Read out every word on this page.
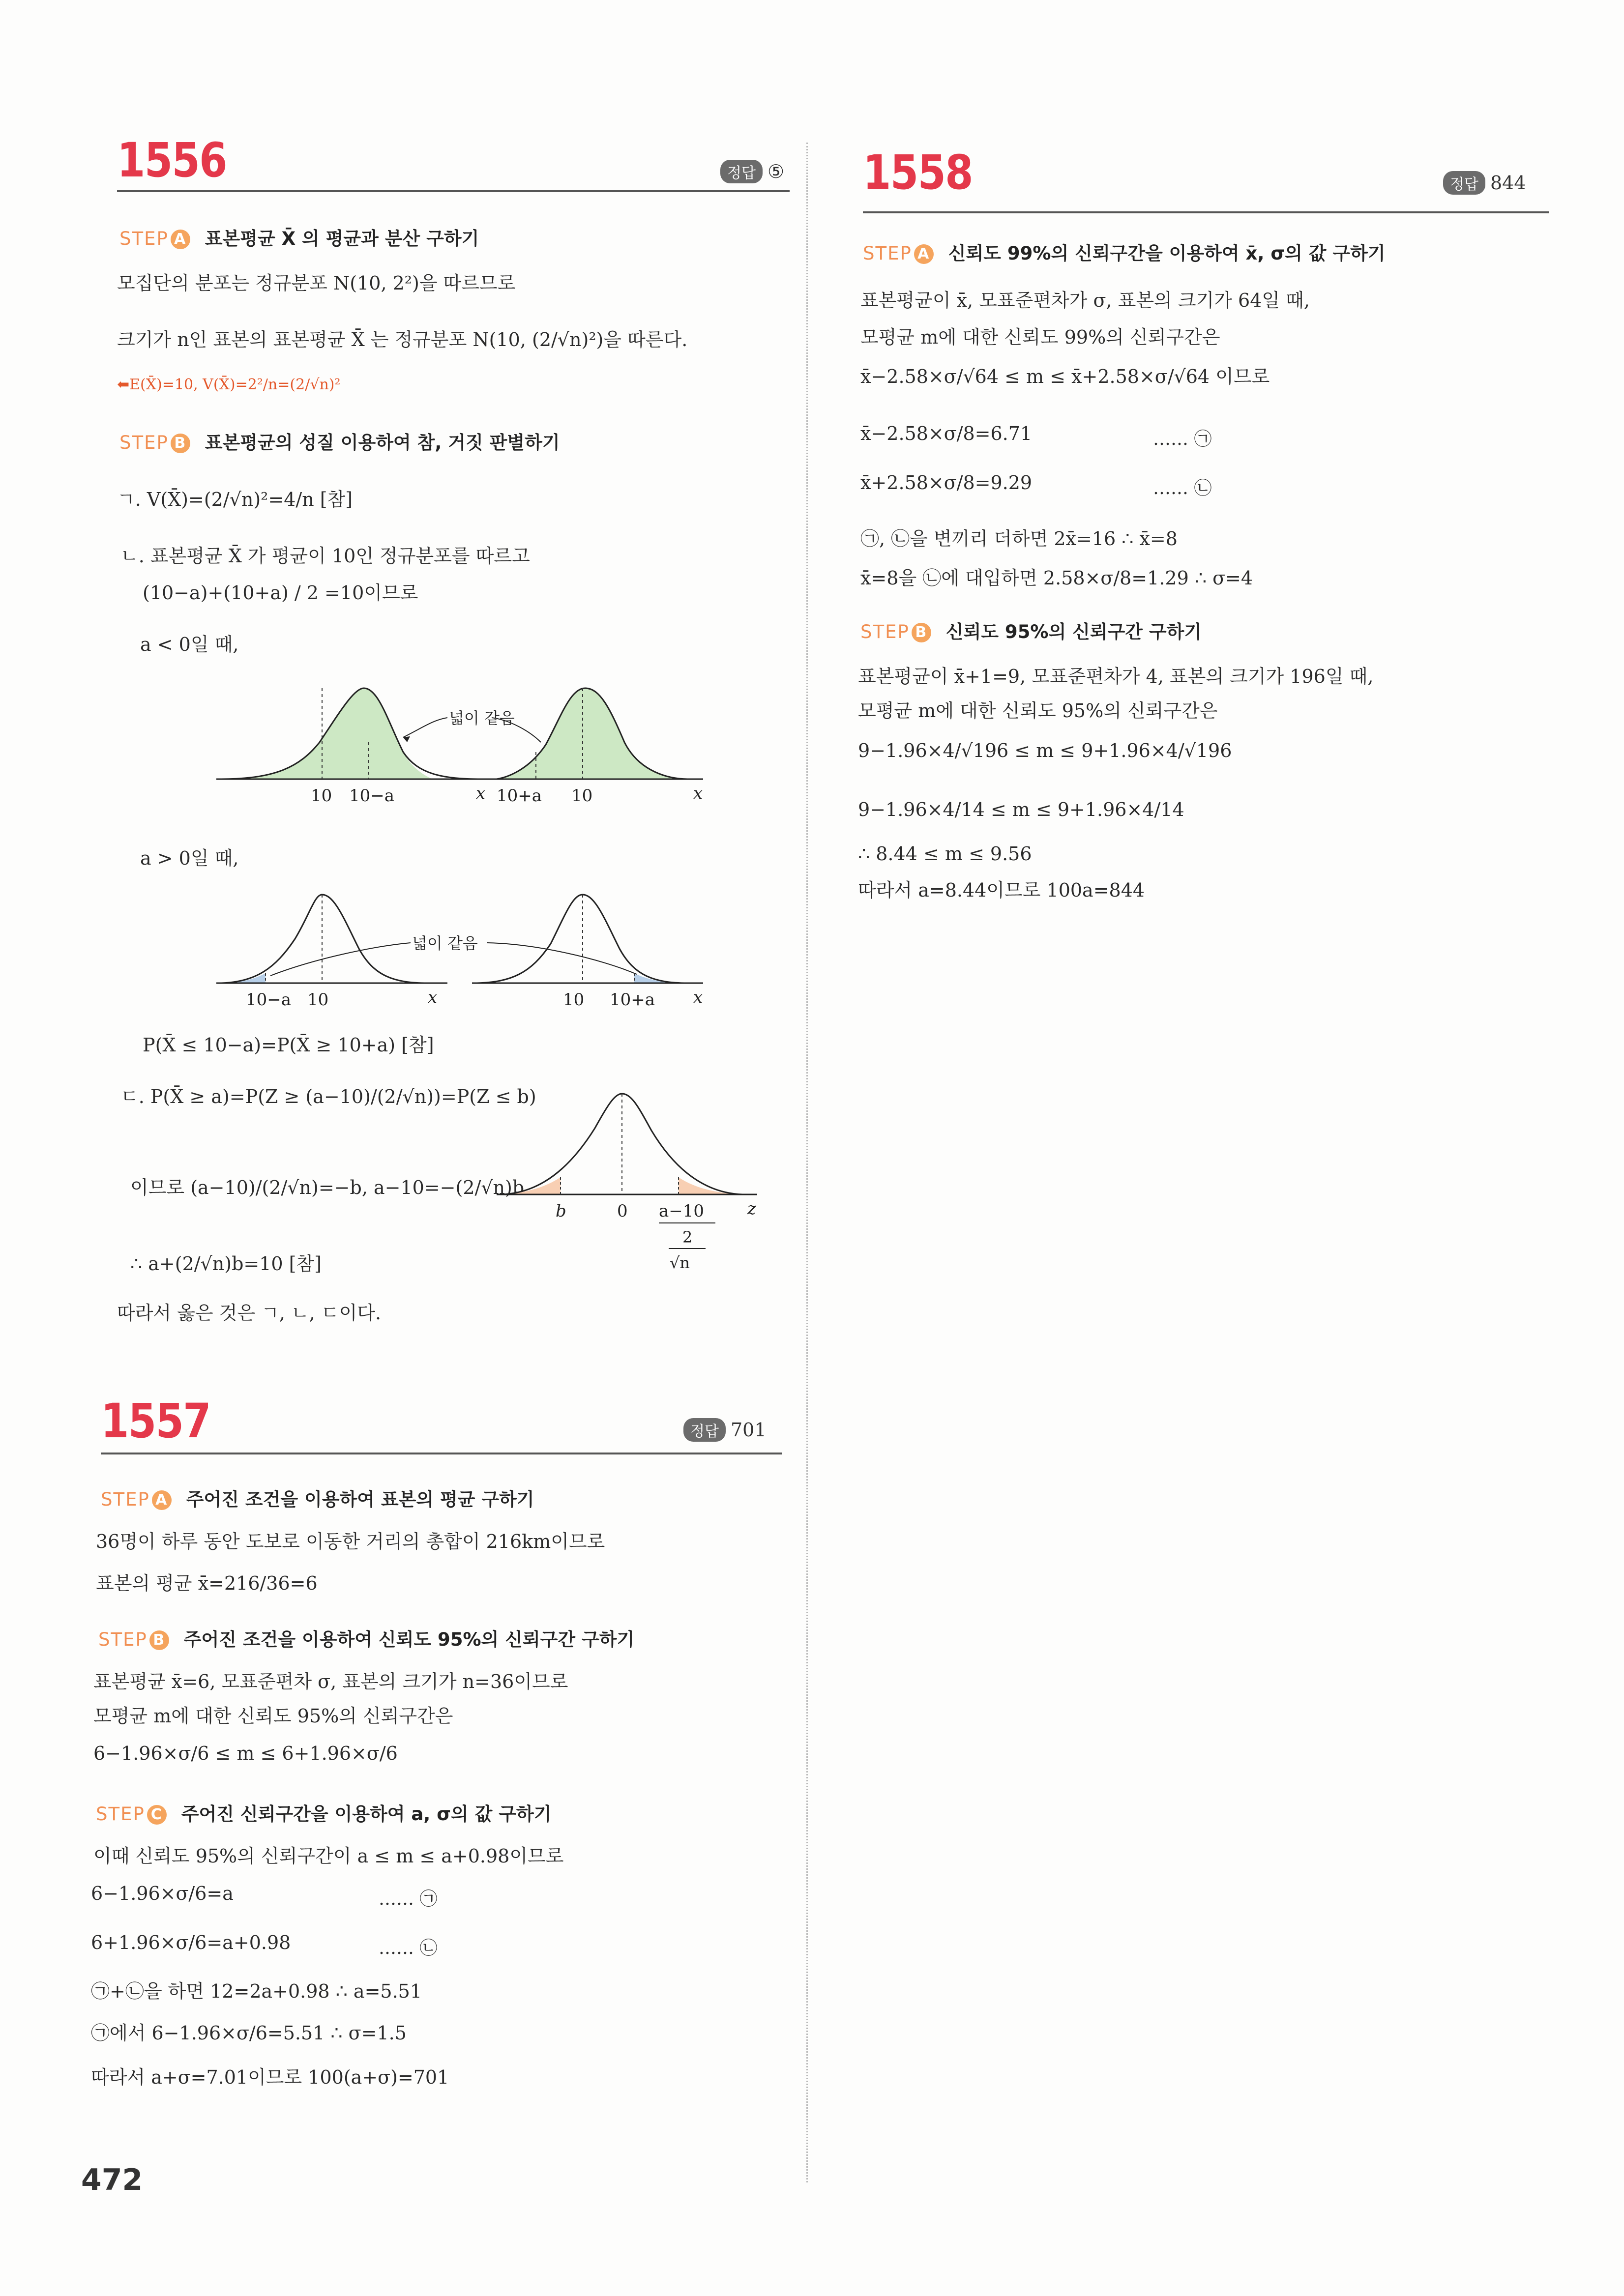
1556	정답 ⑤
STEP A 표본평균 X̄ 의 평균과 분산 구하기
모집단의 분포는 정규분포 N(10, 2²)을 따르므로
크기가 n인 표본의 표본평균 X̄ 는 정규분포 N(10, (2/√n)²)을 따른다.
⬅E(X̄)=10, V(X̄)=2²/n=(2/√n)²
STEP B 표본평균의 성질 이용하여 참, 거짓 판별하기
ㄱ. V(X̄)=(2/√n)²=4/n [참]
ㄴ. 표본평균 X̄ 가 평균이 10인 정규분포를 따르고
(10−a)+(10+a) / 2 =10이므로
a < 0일 때,
넓이 같음
10 10−a	x 10+a 10	x
a > 0일 때,
넓이 같음
10−a 10	x	10 10+a x
P(X̄ ≤ 10−a)=P(X̄ ≥ 10+a) [참]
ㄷ. P(X̄ ≥ a)=P(Z ≥ (a−10)/(2/√n))=P(Z ≤ b)
이므로 (a−10)/(2/√n)=−b, a−10=−(2/√n)b
∴ a+(2/√n)b=10 [참]
따라서 옳은 것은 ㄱ, ㄴ, ㄷ이다.
b	0 a−10
2
√n
z
1557	정답 701
STEP A 주어진 조건을 이용하여 표본의 평균 구하기
36명이 하루 동안 도보로 이동한 거리의 총합이 216km이므로
표본의 평균 x̄=216/36=6
STEP B 주어진 조건을 이용하여 신뢰도 95%의 신뢰구간 구하기
표본평균 x̄=6, 모표준편차 σ, 표본의 크기가 n=36이므로
모평균 m에 대한 신뢰도 95%의 신뢰구간은
6−1.96×σ/6 ≤ m ≤ 6+1.96×σ/6
STEP C 주어진 신뢰구간을 이용하여 a, σ의 값 구하기
이때 신뢰도 95%의 신뢰구간이 a ≤ m ≤ a+0.98이므로
6−1.96×σ/6=a	…… ㉠
6+1.96×σ/6=a+0.98	…… ㉡
㉠+㉡을 하면 12=2a+0.98 ∴ a=5.51
㉠에서 6−1.96×σ/6=5.51 ∴ σ=1.5
따라서 a+σ=7.01이므로 100(a+σ)=701
472
1558	정답 844
STEP A 신뢰도 99%의 신뢰구간을 이용하여 x̄, σ의 값 구하기
표본평균이 x̄, 모표준편차가 σ, 표본의 크기가 64일 때,
모평균 m에 대한 신뢰도 99%의 신뢰구간은
x̄−2.58×σ/√64 ≤ m ≤ x̄+2.58×σ/√64 이므로
x̄−2.58×σ/8=6.71	…… ㉠
x̄+2.58×σ/8=9.29	…… ㉡
㉠, ㉡을 변끼리 더하면 2x̄=16 ∴ x̄=8
x̄=8을 ㉡에 대입하면 2.58×σ/8=1.29 ∴ σ=4
STEP B 신뢰도 95%의 신뢰구간 구하기
표본평균이 x̄+1=9, 모표준편차가 4, 표본의 크기가 196일 때,
모평균 m에 대한 신뢰도 95%의 신뢰구간은
9−1.96×4/√196 ≤ m ≤ 9+1.96×4/√196
9−1.96×4/14 ≤ m ≤ 9+1.96×4/14
∴ 8.44 ≤ m ≤ 9.56
따라서 a=8.44이므로 100a=844
